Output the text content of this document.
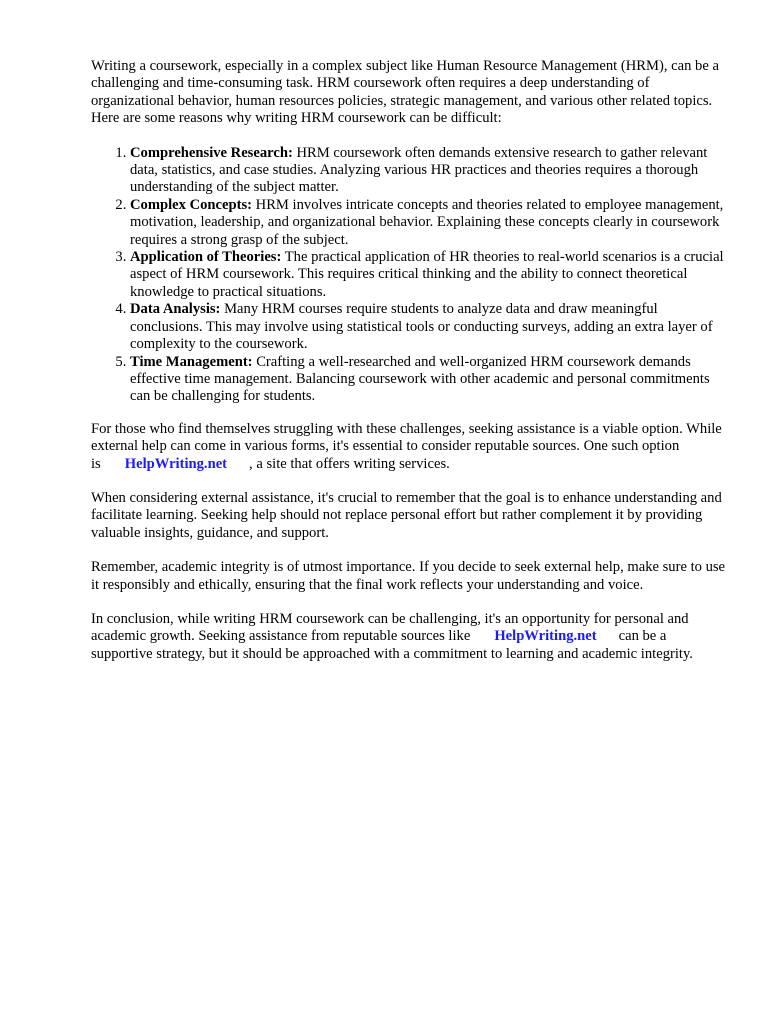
Writing a coursework, especially in a complex subject like Human Resource Management (HRM), can be a challenging and time-consuming task. HRM coursework often requires a deep understanding of organizational behavior, human resources policies, strategic management, and various other related topics. Here are some reasons why writing HRM coursework can be difficult:

1. Comprehensive Research: HRM coursework often demands extensive research to gather relevant data, statistics, and case studies. Analyzing various HR practices and theories requires a thorough understanding of the subject matter.
2. Complex Concepts: HRM involves intricate concepts and theories related to employee management, motivation, leadership, and organizational behavior. Explaining these concepts clearly in coursework requires a strong grasp of the subject.
3. Application of Theories: The practical application of HR theories to real-world scenarios is a crucial aspect of HRM coursework. This requires critical thinking and the ability to connect theoretical knowledge to practical situations.
4. Data Analysis: Many HRM courses require students to analyze data and draw meaningful conclusions. This may involve using statistical tools or conducting surveys, adding an extra layer of complexity to the coursework.
5. Time Management: Crafting a well-researched and well-organized HRM coursework demands effective time management. Balancing coursework with other academic and personal commitments can be challenging for students.

For those who find themselves struggling with these challenges, seeking assistance is a viable option. While external help can come in various forms, it's essential to consider reputable sources. One such option is HelpWriting.net , a site that offers writing services.

When considering external assistance, it's crucial to remember that the goal is to enhance understanding and facilitate learning. Seeking help should not replace personal effort but rather complement it by providing valuable insights, guidance, and support.

Remember, academic integrity is of utmost importance. If you decide to seek external help, make sure to use it responsibly and ethically, ensuring that the final work reflects your understanding and voice.

In conclusion, while writing HRM coursework can be challenging, it's an opportunity for personal and academic growth. Seeking assistance from reputable sources like HelpWriting.net can be a supportive strategy, but it should be approached with a commitment to learning and academic integrity.
